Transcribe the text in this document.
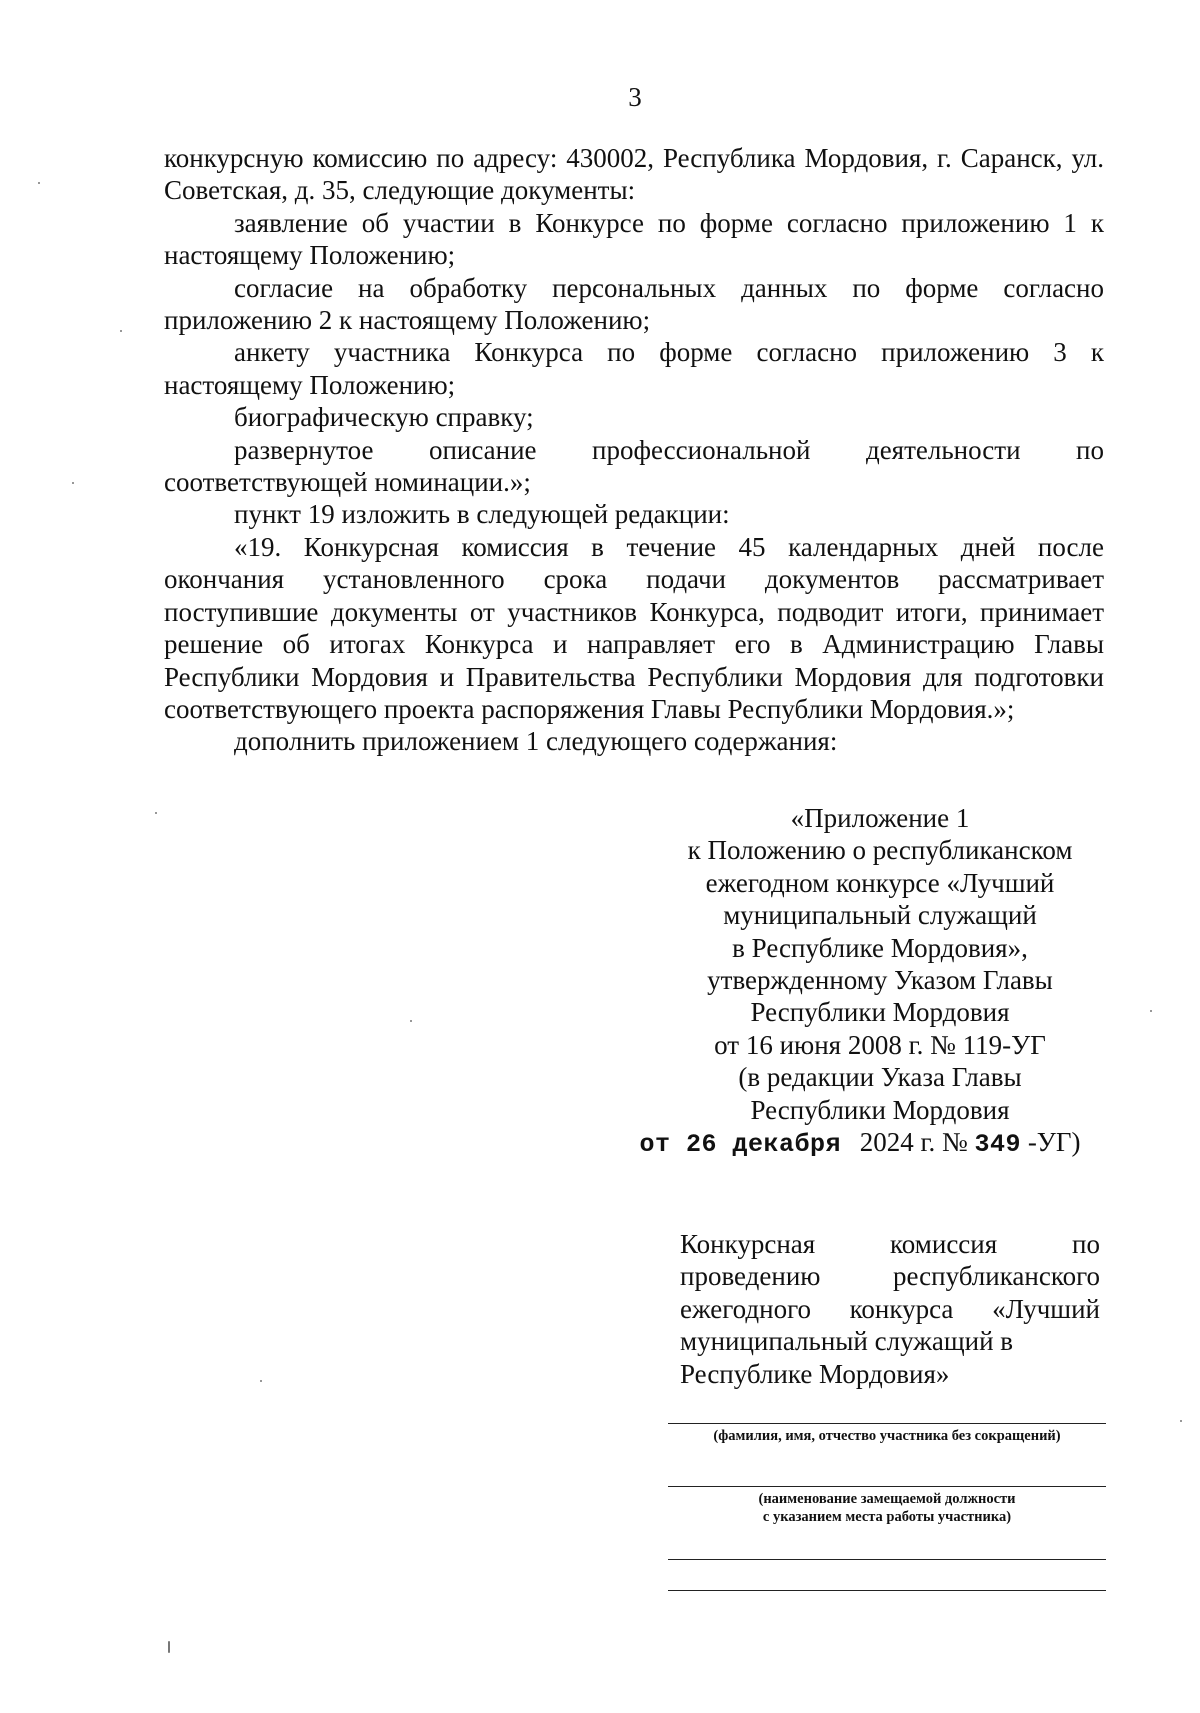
3

конкурсную комиссию по адресу: 430002, Республика Мордовия, г. Саранск, ул. Советская, д. 35, следующие документы:

заявление об участии в Конкурсе по форме согласно приложению 1 к настоящему Положению;

согласие на обработку персональных данных по форме согласно приложению 2 к настоящему Положению;

анкету участника Конкурса по форме согласно приложению 3 к настоящему Положению;

биографическую справку;

развернутое описание профессиональной деятельности по соответствующей номинации.»;

пункт 19 изложить в следующей редакции:

«19. Конкурсная комиссия в течение 45 календарных дней после окончания установленного срока подачи документов рассматривает поступившие документы от участников Конкурса, подводит итоги, принимает решение об итогах Конкурса и направляет его в Администрацию Главы Республики Мордовия и Правительства Республики Мордовия для подготовки соответствующего проекта распоряжения Главы Республики Мордовия.»;

дополнить приложением 1 следующего содержания:

«Приложение 1
к Положению о республиканском
ежегодном конкурсе «Лучший
муниципальный служащий
в Республике Мордовия»,
утвержденному Указом Главы
Республики Мордовия
от 16 июня 2008 г. № 119-УГ
(в редакции Указа Главы
Республики Мордовия
от 26 декабря 2024 г. № 349 -УГ)
Конкурсная комиссия по проведению республиканского ежегодного конкурса «Лучший муниципальный служащий в
Республике Мордовия»
(фамилия, имя, отчество участника без сокращений)
(наименование замещаемой должности
с указанием места работы участника)
